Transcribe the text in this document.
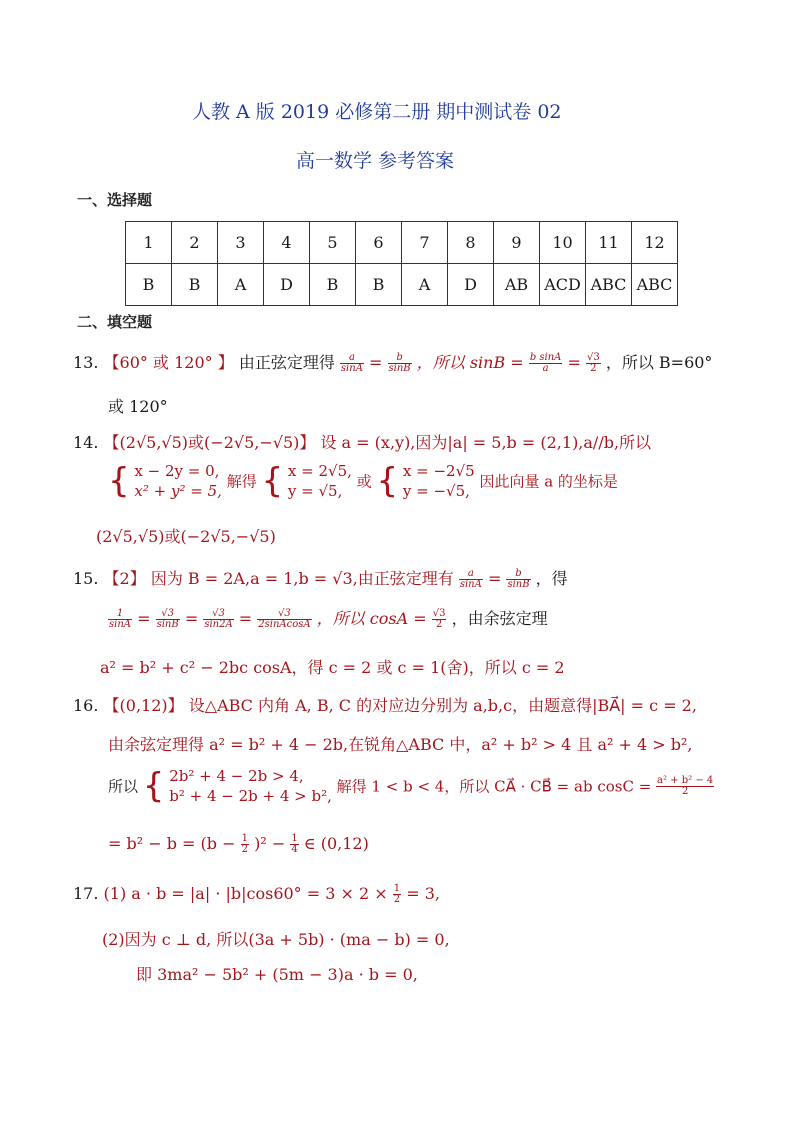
人教 A 版 2019 必修第二册 期中测试卷 02
高一数学 参考答案
一、选择题
1	2	3	4	5	6	7	8	9	10	11	12
B	B	A	D	B	B	A	D	AB	ACD	ABC	ABC
二、填空题
13. 【60° 或 120° 】 由正弦定理得 $\frac{a}{\sin A} = \frac{b}{\sin B}$ ，所以 $\sin B = \frac{\text{b sinA}}{a} = \frac{√3}{2}$ ，所以 B=60°
或 120°
14. 【(2√5,√5)或(−2√5,−√5)】 设 a = (x,y),因为|a| = 5,b = (2,1),a//b,所以
{ x − 2y = 0,
x² + y² = 5,
解得 { x = 2√5,
y = √5,
或 { x = −2√5
y = −√5,
因此向量 a 的坐标是
(2√5,√5)或(−2√5,−√5)
15. 【2】 因为 B = 2A,a = 1,b = √3,由正弦定理有 $\frac{a}{\sin A} = \frac{b}{\sin B}$ ，得
$\frac{1}{\sin A} = \frac{√3}{\sin B} = \frac{√3}{\sin 2A} = \frac{√3}{\text{2sinAcosA}}$ ，所以 $\cos A = \frac{√3}{2}$ ，由余弦定理
a² = b² + c² − 2bc cosA，得 c = 2 或 c = 1(舍)，所以 c = 2
16. 【(0,12)】 设△ABC 内角 A, B, C 的对应边分别为 a,b,c，由题意得|BA⃗| = c = 2,
由余弦定理得 a² = b² + 4 − 2b,在锐角△ABC 中，a² + b² > 4 且 a² + 4 > b²,
所以 { 2b² + 4 − 2b > 4,
b² + 4 − 2b + 4 > b²,
解得 1 < b < 4，所以 CA⃗ · CB⃗ = ab $\cos C = \frac{\text{a² + b² − 4}}{2}$
= $b^2 - b = (b - \frac{1}{2} )^2 - \frac{1}{4}$ ∈ (0,12)
17. (1) $a \cdot b = |a| \cdot |b|\cos 60^\circ = 3 \times 2 \times \frac{1}{2} = 3$,
(2)因为 c ⊥ d, 所以(3a + 5b) · (ma − b) = 0,
即 3ma² − 5b² + (5m − 3)a · b = 0,
